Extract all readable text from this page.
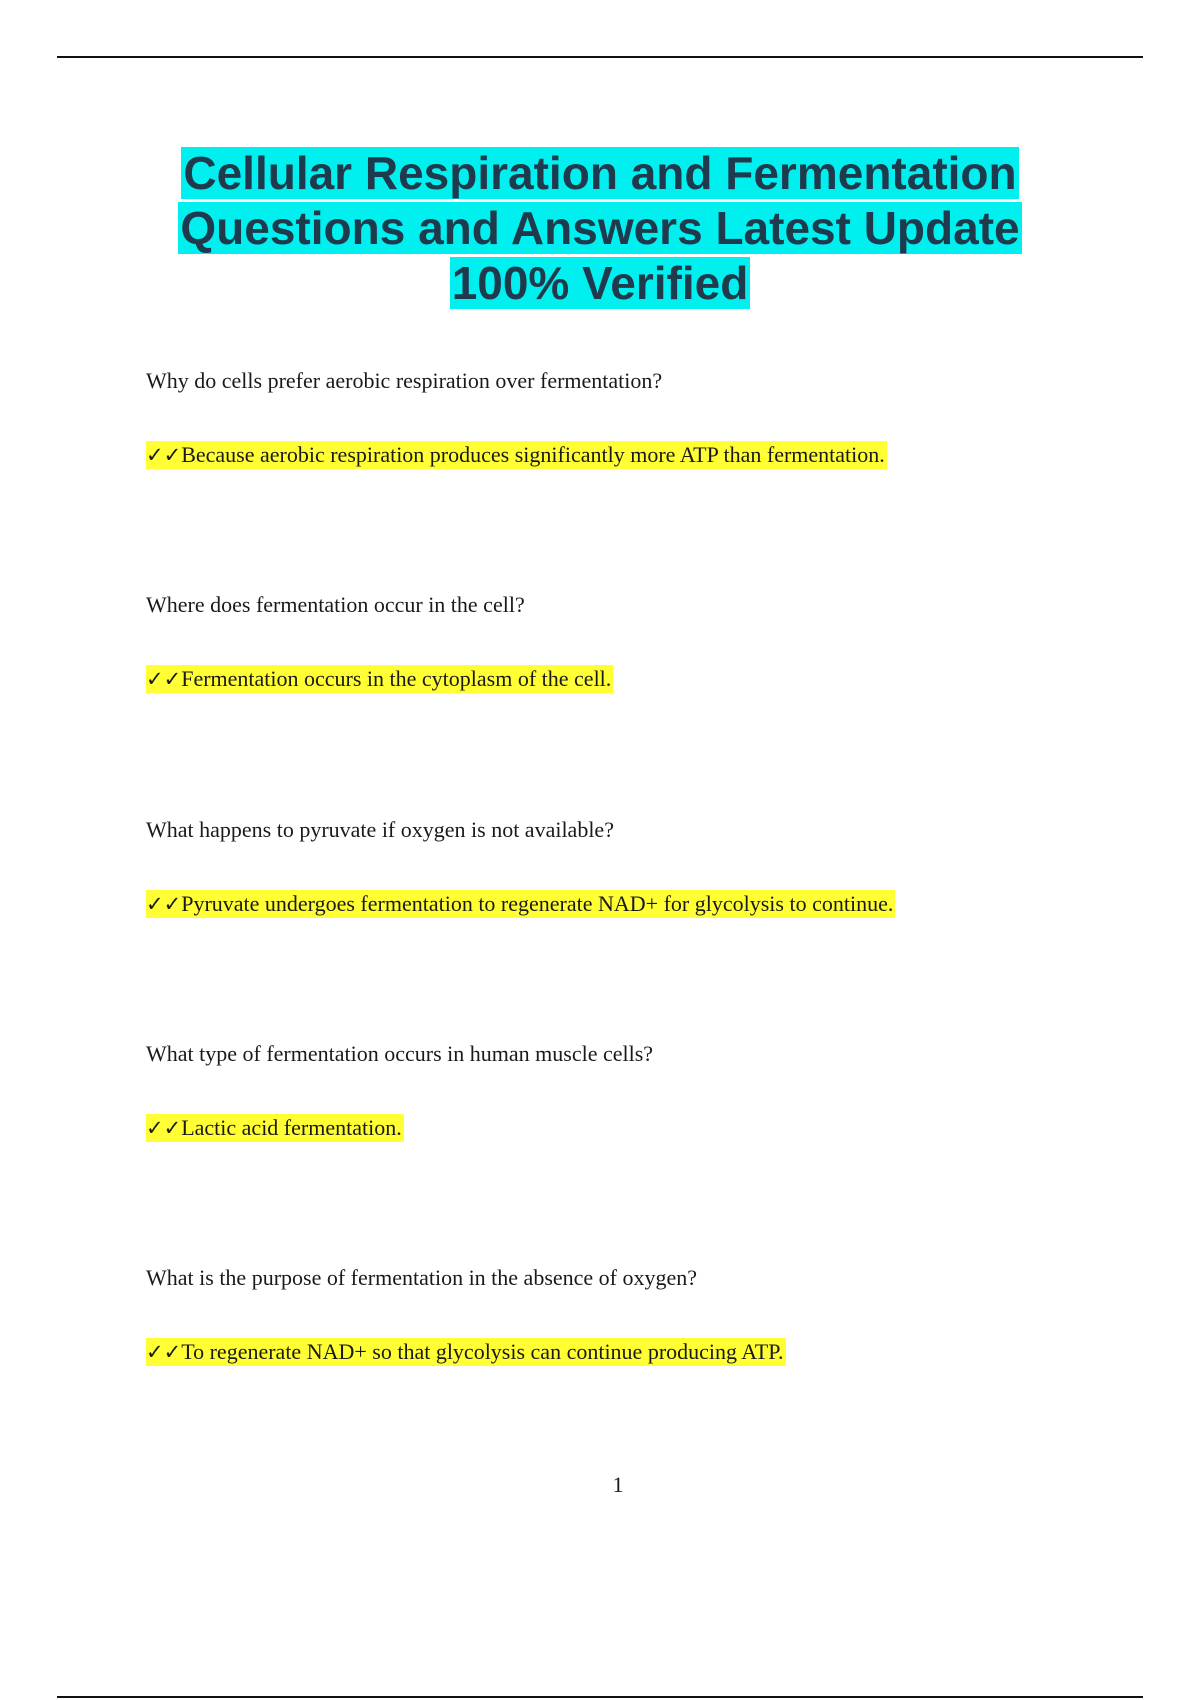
Cellular Respiration and Fermentation
Questions and Answers Latest Update
100% Verified

Why do cells prefer aerobic respiration over fermentation?

✓✓Because aerobic respiration produces significantly more ATP than fermentation.

Where does fermentation occur in the cell?

✓✓Fermentation occurs in the cytoplasm of the cell.

What happens to pyruvate if oxygen is not available?

✓✓Pyruvate undergoes fermentation to regenerate NAD+ for glycolysis to continue.

What type of fermentation occurs in human muscle cells?

✓✓Lactic acid fermentation.

What is the purpose of fermentation in the absence of oxygen?

✓✓To regenerate NAD+ so that glycolysis can continue producing ATP.
1
